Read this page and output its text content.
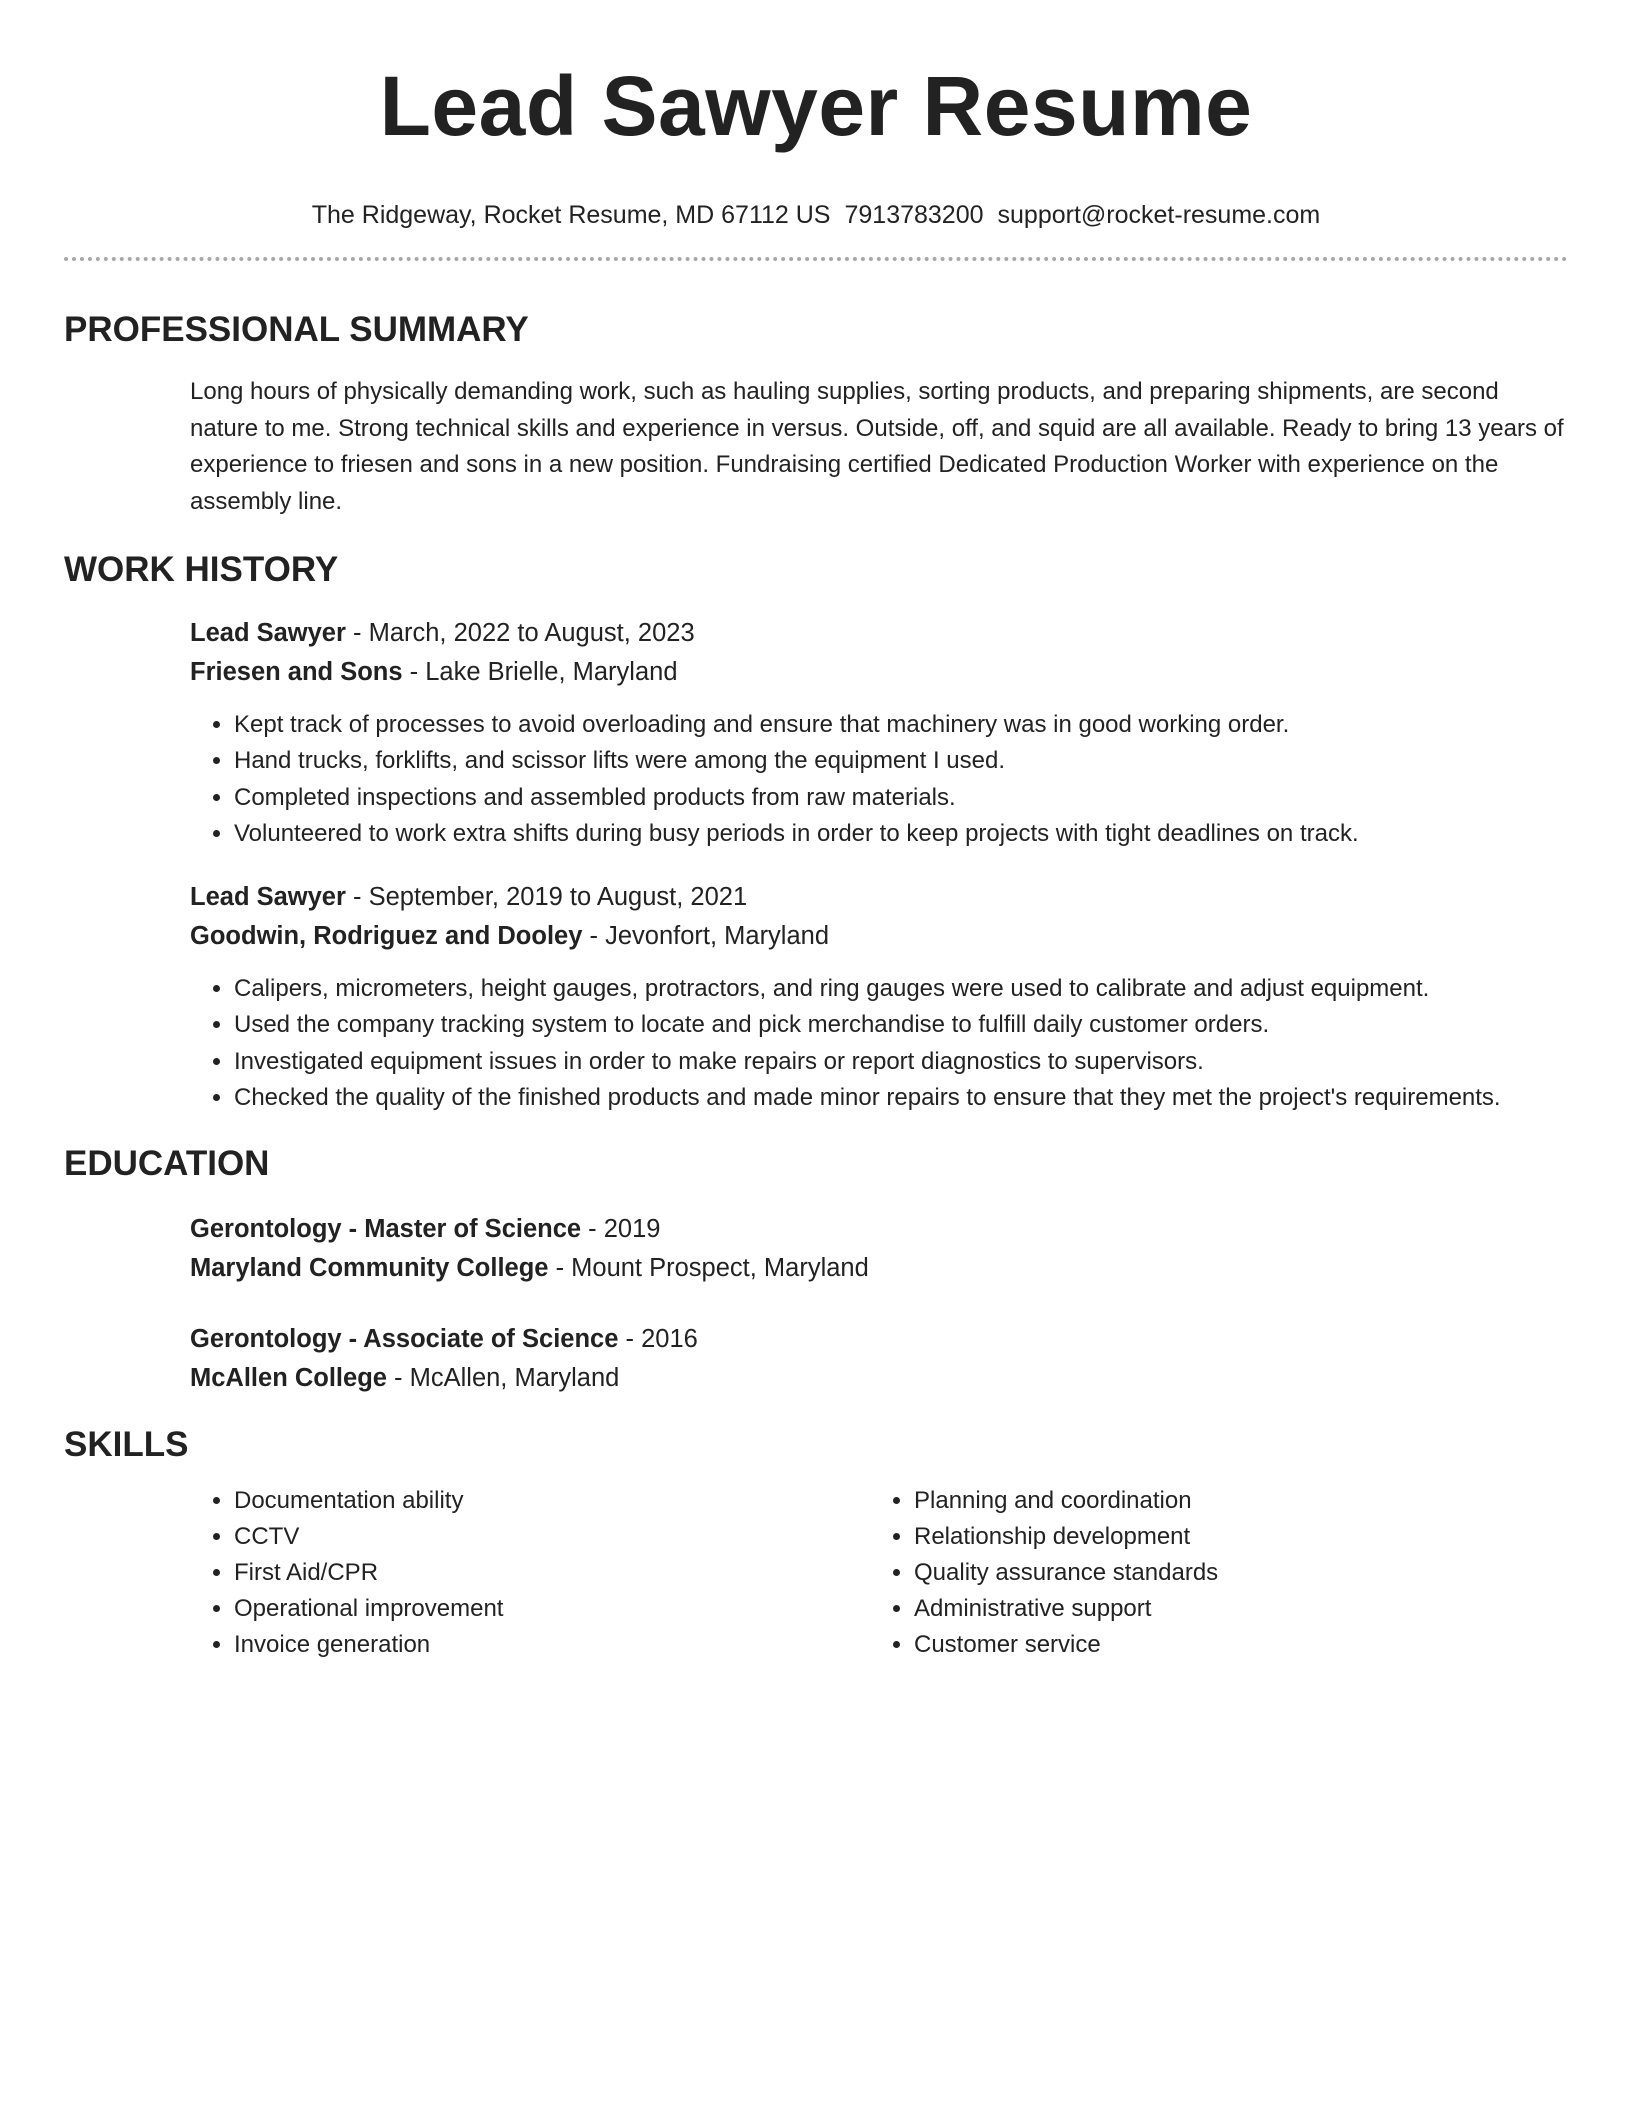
Lead Sawyer Resume
The Ridgeway, Rocket Resume, MD 67112 US 7913783200 support@rocket-resume.com
PROFESSIONAL SUMMARY
Long hours of physically demanding work, such as hauling supplies, sorting products, and preparing shipments, are second nature to me. Strong technical skills and experience in versus. Outside, off, and squid are all available. Ready to bring 13 years of experience to friesen and sons in a new position. Fundraising certified Dedicated Production Worker with experience on the assembly line.
WORK HISTORY
Lead Sawyer - March, 2022 to August, 2023
Friesen and Sons - Lake Brielle, Maryland
• Kept track of processes to avoid overloading and ensure that machinery was in good working order.
• Hand trucks, forklifts, and scissor lifts were among the equipment I used.
• Completed inspections and assembled products from raw materials.
• Volunteered to work extra shifts during busy periods in order to keep projects with tight deadlines on track.
Lead Sawyer - September, 2019 to August, 2021
Goodwin, Rodriguez and Dooley - Jevonfort, Maryland
• Calipers, micrometers, height gauges, protractors, and ring gauges were used to calibrate and adjust equipment.
• Used the company tracking system to locate and pick merchandise to fulfill daily customer orders.
• Investigated equipment issues in order to make repairs or report diagnostics to supervisors.
• Checked the quality of the finished products and made minor repairs to ensure that they met the project's requirements.
EDUCATION
Gerontology - Master of Science - 2019
Maryland Community College - Mount Prospect, Maryland
Gerontology - Associate of Science - 2016
McAllen College - McAllen, Maryland
SKILLS
• Documentation ability
• CCTV
• First Aid/CPR
• Operational improvement
• Invoice generation
• Planning and coordination
• Relationship development
• Quality assurance standards
• Administrative support
• Customer service
